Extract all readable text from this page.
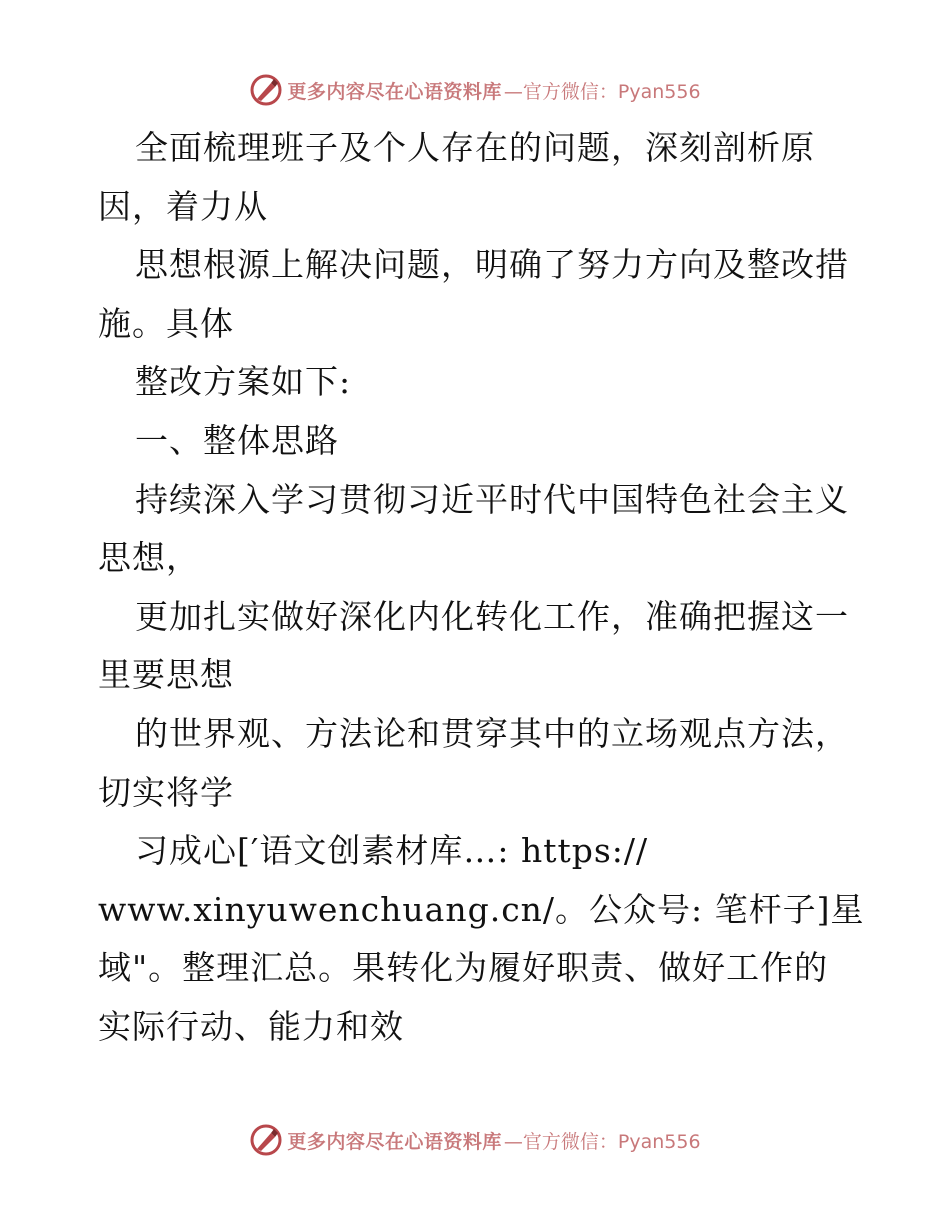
更多内容尽在心语资料库 —官方微信：Pyan556
全面梳理班子及个人存在的问题，深刻剖析原
因，着力从
思想根源上解决问题，明确了努力方向及整改措
施。具体
整改方案如下:
一、整体思路
持续深入学习贯彻习近平时代中国特色社会主义
思想，
更加扎实做好深化内化转化工作，准确把握这一
里要思想
的世界观、方法论和贯穿其中的立场观点方法，
切实将学
习成心[′语文创素材库…: https://
www.xinyuwenchuang.cn/。公众号: 笔杆子]星
域"。整理汇总。果转化为履好职责、做好工作的
实际行动、能力和效
更多内容尽在心语资料库 —官方微信：Pyan556
